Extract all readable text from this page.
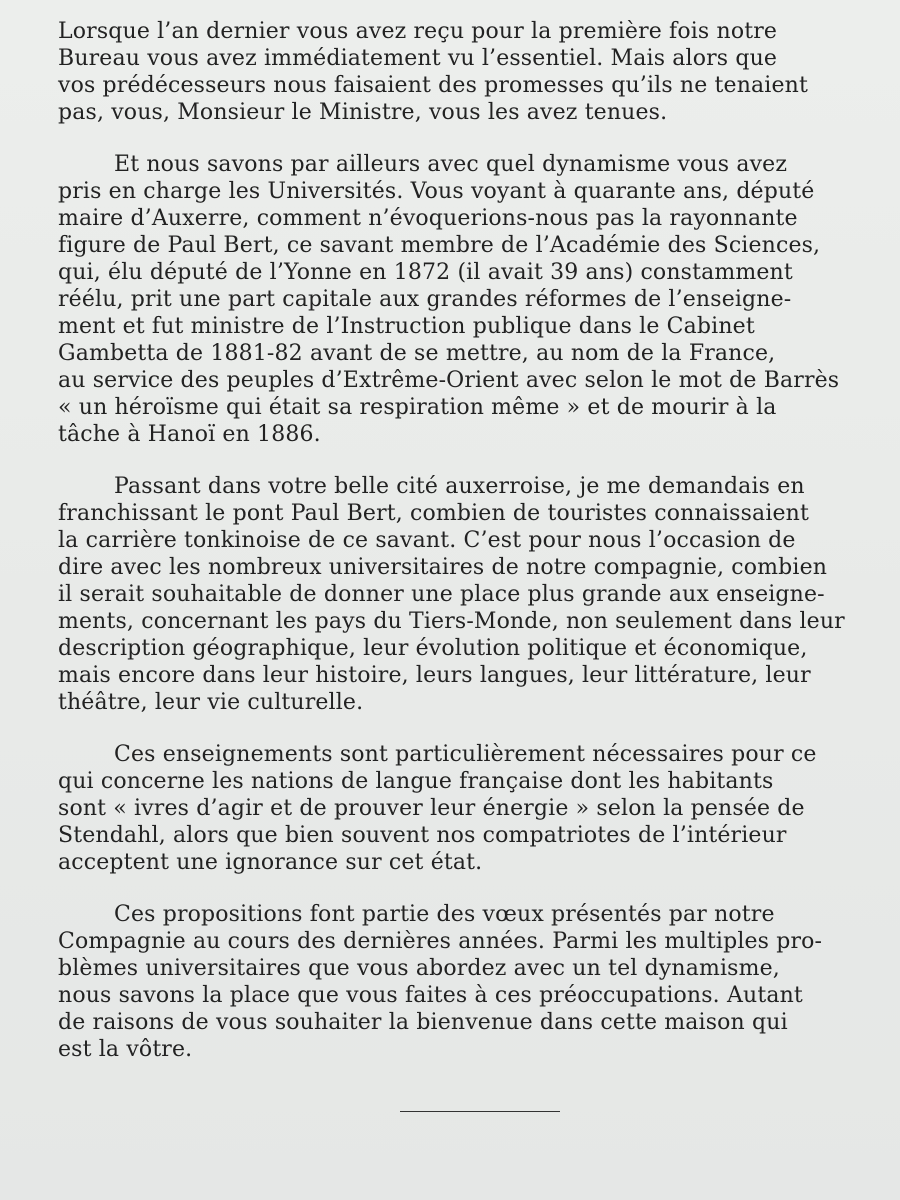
Lorsque l’an dernier vous avez reçu pour la première fois notre
Bureau vous avez immédiatement vu l’essentiel. Mais alors que
vos prédécesseurs nous faisaient des promesses qu’ils ne tenaient
pas, vous, Monsieur le Ministre, vous les avez tenues.

Et nous savons par ailleurs avec quel dynamisme vous avez
pris en charge les Universités. Vous voyant à quarante ans, député
maire d’Auxerre, comment n’évoquerions-nous pas la rayonnante
figure de Paul Bert, ce savant membre de l’Académie des Sciences,
qui, élu député de l’Yonne en 1872 (il avait 39 ans) constamment
réélu, prit une part capitale aux grandes réformes de l’enseigne-
ment et fut ministre de l’Instruction publique dans le Cabinet
Gambetta de 1881-82 avant de se mettre, au nom de la France,
au service des peuples d’Extrême-Orient avec selon le mot de Barrès
« un héroïsme qui était sa respiration même » et de mourir à la
tâche à Hanoï en 1886.

Passant dans votre belle cité auxerroise, je me demandais en
franchissant le pont Paul Bert, combien de touristes connaissaient
la carrière tonkinoise de ce savant. C’est pour nous l’occasion de
dire avec les nombreux universitaires de notre compagnie, combien
il serait souhaitable de donner une place plus grande aux enseigne-
ments, concernant les pays du Tiers-Monde, non seulement dans leur
description géographique, leur évolution politique et économique,
mais encore dans leur histoire, leurs langues, leur littérature, leur
théâtre, leur vie culturelle.

Ces enseignements sont particulièrement nécessaires pour ce
qui concerne les nations de langue française dont les habitants
sont « ivres d’agir et de prouver leur énergie » selon la pensée de
Stendahl, alors que bien souvent nos compatriotes de l’intérieur
acceptent une ignorance sur cet état.

Ces propositions font partie des vœux présentés par notre
Compagnie au cours des dernières années. Parmi les multiples pro-
blèmes universitaires que vous abordez avec un tel dynamisme,
nous savons la place que vous faites à ces préoccupations. Autant
de raisons de vous souhaiter la bienvenue dans cette maison qui
est la vôtre.
